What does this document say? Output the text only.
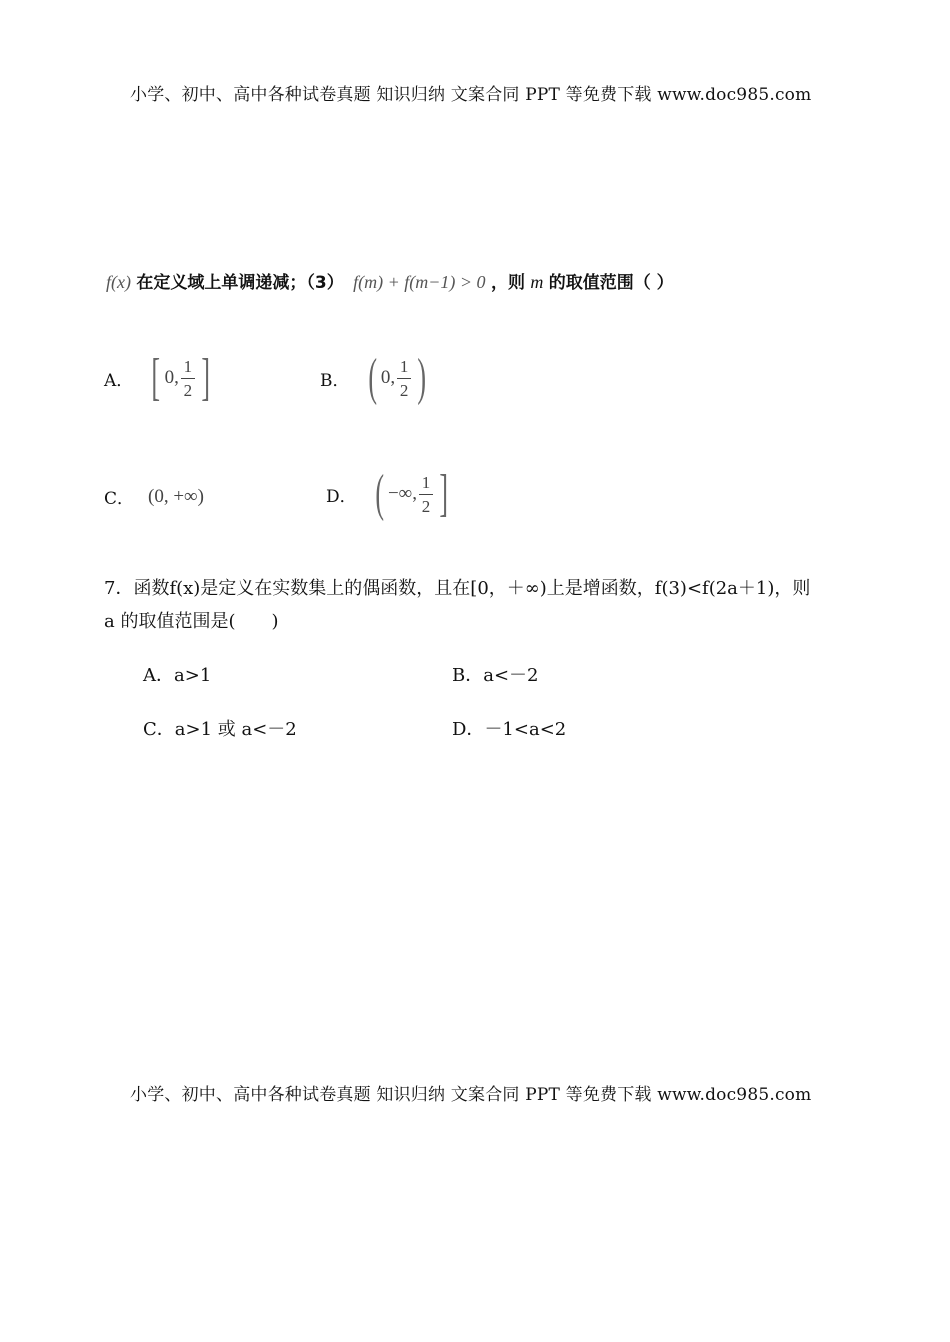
小学、初中、高中各种试卷真题 知识归纳 文案合同 PPT 等免费下载 www.doc985.com
f(x) 在定义域上单调递减；（3） f(m) + f(m−1) > 0 ，则 m 的取值范围（ ）
A． [ 0, $\frac{1}{2}$ ]	B． ( 0, $\frac{1}{2}$ )
C． (0, +∞)	D． ( −∞, $\frac{1}{2}$ ]
7．函数f(x)是定义在实数集上的偶函数，且在[0，＋∞)上是增函数，f(3)<f(2a＋1)，则
a 的取值范围是(　　)
A．a>1	B．a<－2
C．a>1 或 a<－2	D．－1<a<2
小学、初中、高中各种试卷真题 知识归纳 文案合同 PPT 等免费下载 www.doc985.com
